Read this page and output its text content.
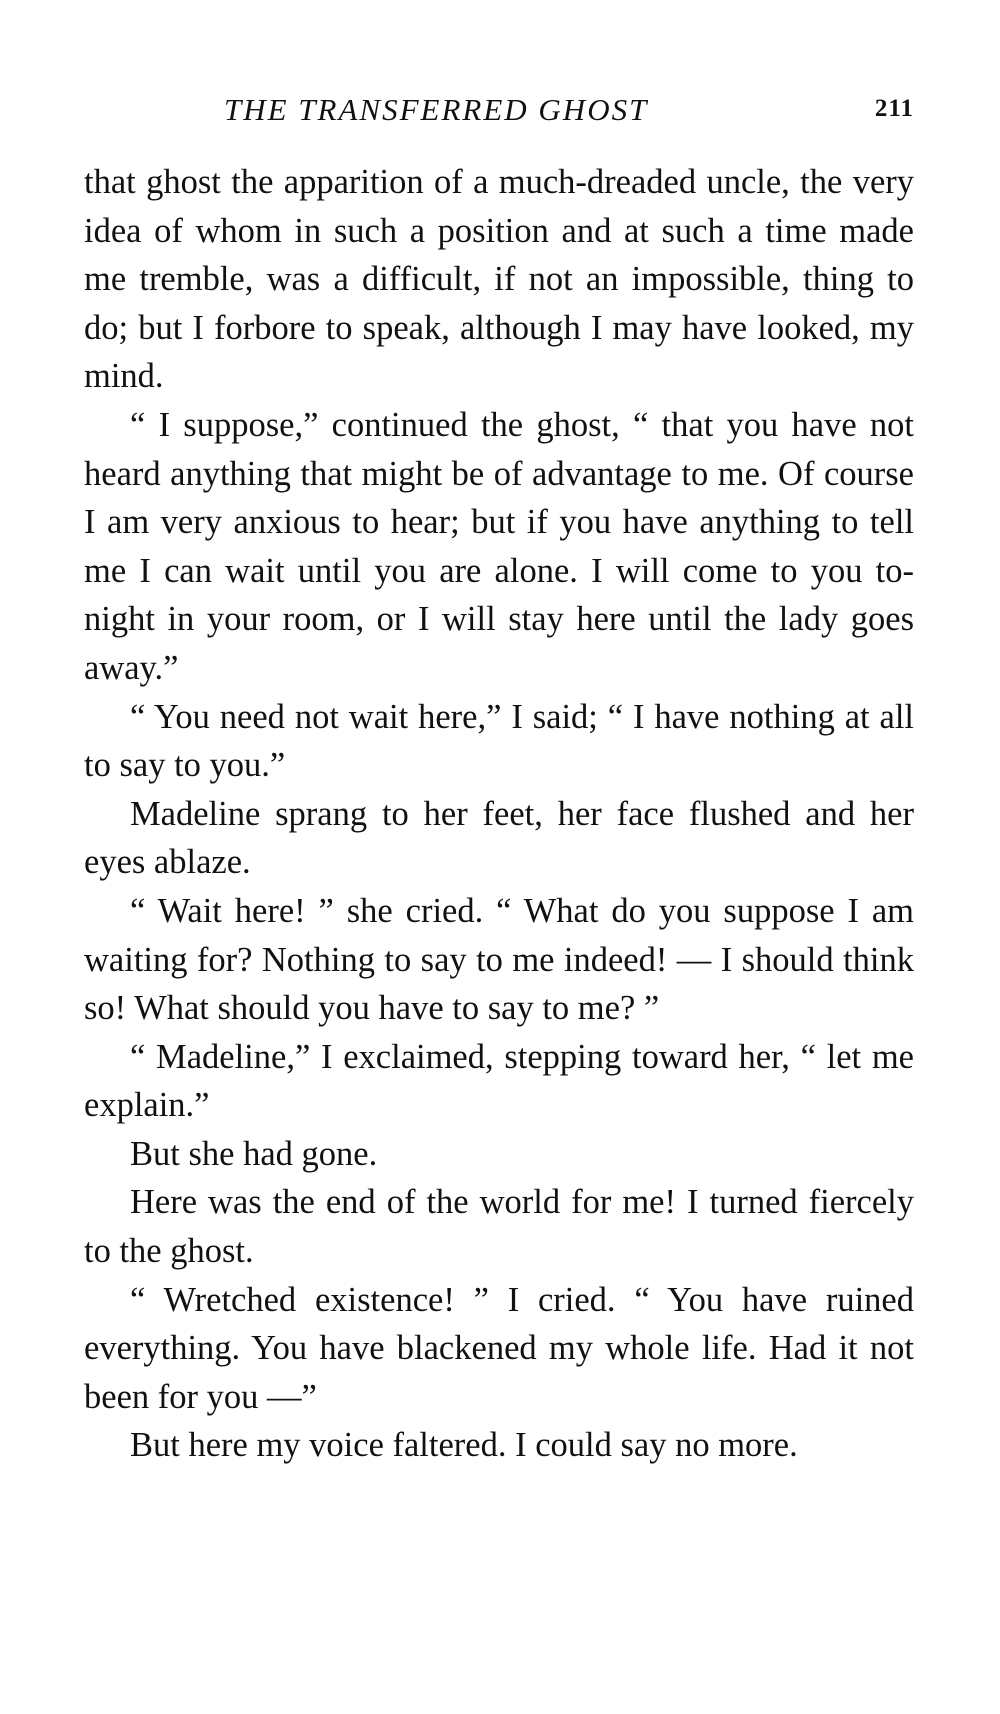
THE TRANSFERRED GHOST	211

that ghost the apparition of a much-dreaded uncle, the very idea of whom in such a position and at such a time made me tremble, was a difficult, if not an impossible, thing to do; but I forbore to speak, although I may have looked, my mind.

“ I suppose,” continued the ghost, “ that you have not heard anything that might be of advantage to me. Of course I am very anxious to hear; but if you have anything to tell me I can wait until you are alone. I will come to you to-night in your room, or I will stay here until the lady goes away.”

“ You need not wait here,” I said; “ I have nothing at all to say to you.”

Madeline sprang to her feet, her face flushed and her eyes ablaze.

“ Wait here! ” she cried. “ What do you suppose I am waiting for? Nothing to say to me indeed! — I should think so! What should you have to say to me? ”

“ Madeline,” I exclaimed, stepping toward her, “ let me explain.”

But she had gone.

Here was the end of the world for me! I turned fiercely to the ghost.

“ Wretched existence! ” I cried. “ You have ruined everything. You have blackened my whole life. Had it not been for you —”

But here my voice faltered. I could say no more.
